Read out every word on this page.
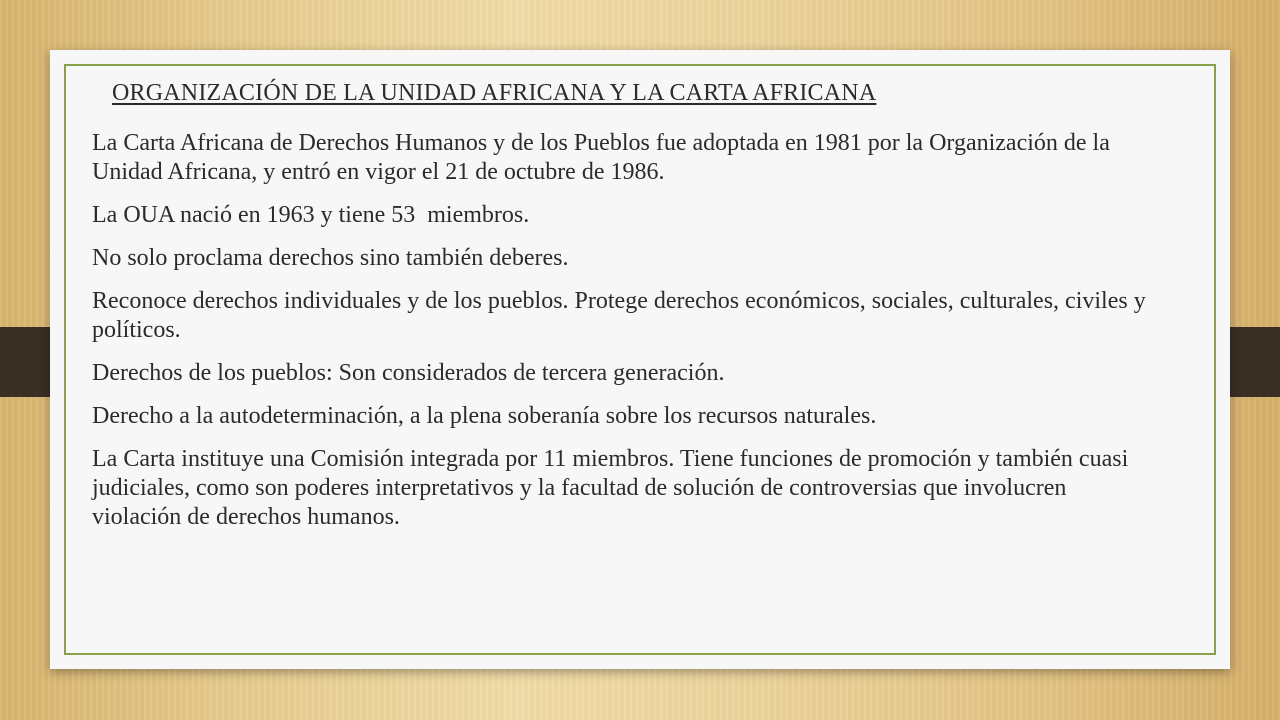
ORGANIZACIÓN DE LA UNIDAD AFRICANA Y LA CARTA AFRICANA

La Carta Africana de Derechos Humanos y de los Pueblos fue adoptada en 1981 por la Organización de la Unidad Africana, y entró en vigor el 21 de octubre de 1986.

La OUA nació en 1963 y tiene 53  miembros.

No solo proclama derechos sino también deberes.

Reconoce derechos individuales y de los pueblos. Protege derechos económicos, sociales, culturales, civiles y políticos.

Derechos de los pueblos: Son considerados de tercera generación.

Derecho a la autodeterminación, a la plena soberanía sobre los recursos naturales.

La Carta instituye una Comisión integrada por 11 miembros. Tiene funciones de promoción y también cuasi judiciales, como son poderes interpretativos y la facultad de solución de controversias que involucren violación de derechos humanos.
